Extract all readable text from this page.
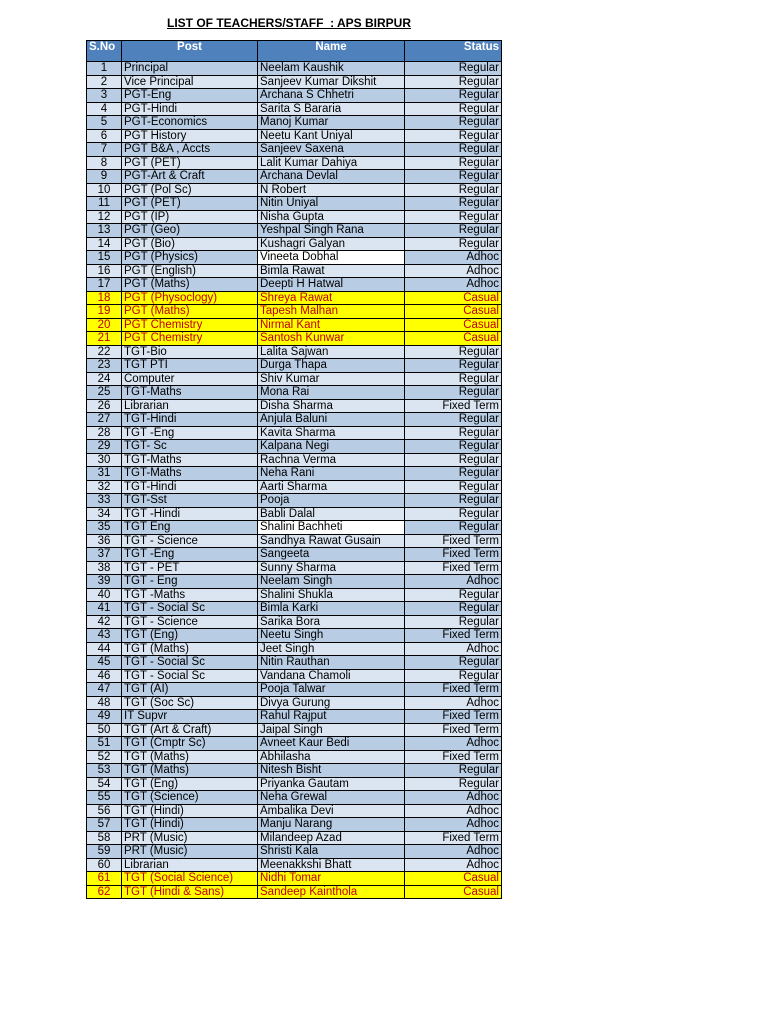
LIST OF TEACHERS/STAFF  : APS BIRPUR
S.No	Post	Name	Status
1	Principal	Neelam Kaushik	Regular
2	Vice Principal	Sanjeev Kumar Dikshit	Regular
3	PGT-Eng	Archana S Chhetri	Regular
4	PGT-Hindi	Sarita S Bararia	Regular
5	PGT-Economics	Manoj Kumar	Regular
6	PGT History	Neetu Kant Uniyal	Regular
7	PGT B&A , Accts	Sanjeev Saxena	Regular
8	PGT (PET)	Lalit Kumar Dahiya	Regular
9	PGT-Art & Craft	Archana Devlal	Regular
10	PGT (Pol Sc)	N Robert	Regular
11	PGT (PET)	Nitin Uniyal	Regular
12	PGT (IP)	Nisha Gupta	Regular
13	PGT (Geo)	Yeshpal Singh Rana	Regular
14	PGT (Bio)	Kushagri Galyan	Regular
15	PGT (Physics)	Vineeta Dobhal	Adhoc
16	PGT (English)	Bimla Rawat	Adhoc
17	PGT (Maths)	Deepti H Hatwal	Adhoc
18	PGT (Physoclogy)	Shreya Rawat	Casual
19	PGT (Maths)	Tapesh Malhan	Casual
20	PGT Chemistry	Nirmal Kant	Casual
21	PGT Chemistry	Santosh Kunwar	Casual
22	TGT-Bio	Lalita Sajwan	Regular
23	TGT PTI	Durga Thapa	Regular
24	Computer	Shiv Kumar	Regular
25	TGT-Maths	Mona Rai	Regular
26	Librarian	Disha Sharma	Fixed Term
27	TGT-Hindi	Anjula Baluni	Regular
28	TGT -Eng	Kavita Sharma	Regular
29	TGT- Sc	Kalpana Negi	Regular
30	TGT-Maths	Rachna Verma	Regular
31	TGT-Maths	Neha Rani	Regular
32	TGT-Hindi	Aarti Sharma	Regular
33	TGT-Sst	Pooja	Regular
34	TGT -Hindi	Babli Dalal	Regular
35	TGT Eng	Shalini Bachheti	Regular
36	TGT - Science	Sandhya Rawat Gusain	Fixed Term
37	TGT -Eng	Sangeeta	Fixed Term
38	TGT - PET	Sunny Sharma	Fixed Term
39	TGT - Eng	Neelam Singh	Adhoc
40	TGT -Maths	Shalini Shukla	Regular
41	TGT - Social Sc	Bimla Karki	Regular
42	TGT - Science	Sarika Bora	Regular
43	TGT (Eng)	Neetu Singh	Fixed Term
44	TGT (Maths)	Jeet Singh	Adhoc
45	TGT - Social Sc	Nitin Rauthan	Regular
46	TGT - Social Sc	Vandana Chamoli	Regular
47	TGT (AI)	Pooja Talwar	Fixed Term
48	TGT (Soc Sc)	Divya Gurung	Adhoc
49	IT Supvr	Rahul Rajput	Fixed Term
50	TGT (Art & Craft)	Jaipal Singh	Fixed Term
51	TGT (Cmptr Sc)	Avneet Kaur Bedi	Adhoc
52	TGT (Maths)	Abhilasha	Fixed Term
53	TGT (Maths)	Nitesh Bisht	Regular
54	TGT (Eng)	Priyanka Gautam	Regular
55	TGT (Science)	Neha Grewal	Adhoc
56	TGT (Hindi)	Ambalika Devi	Adhoc
57	TGT (Hindi)	Manju Narang	Adhoc
58	PRT (Music)	Milandeep Azad	Fixed Term
59	PRT (Music)	Shristi Kala	Adhoc
60	Librarian	Meenakkshi Bhatt	Adhoc
61	TGT (Social Science)	Nidhi Tomar	Casual
62	TGT (Hindi & Sans)	Sandeep Kainthola	Casual
